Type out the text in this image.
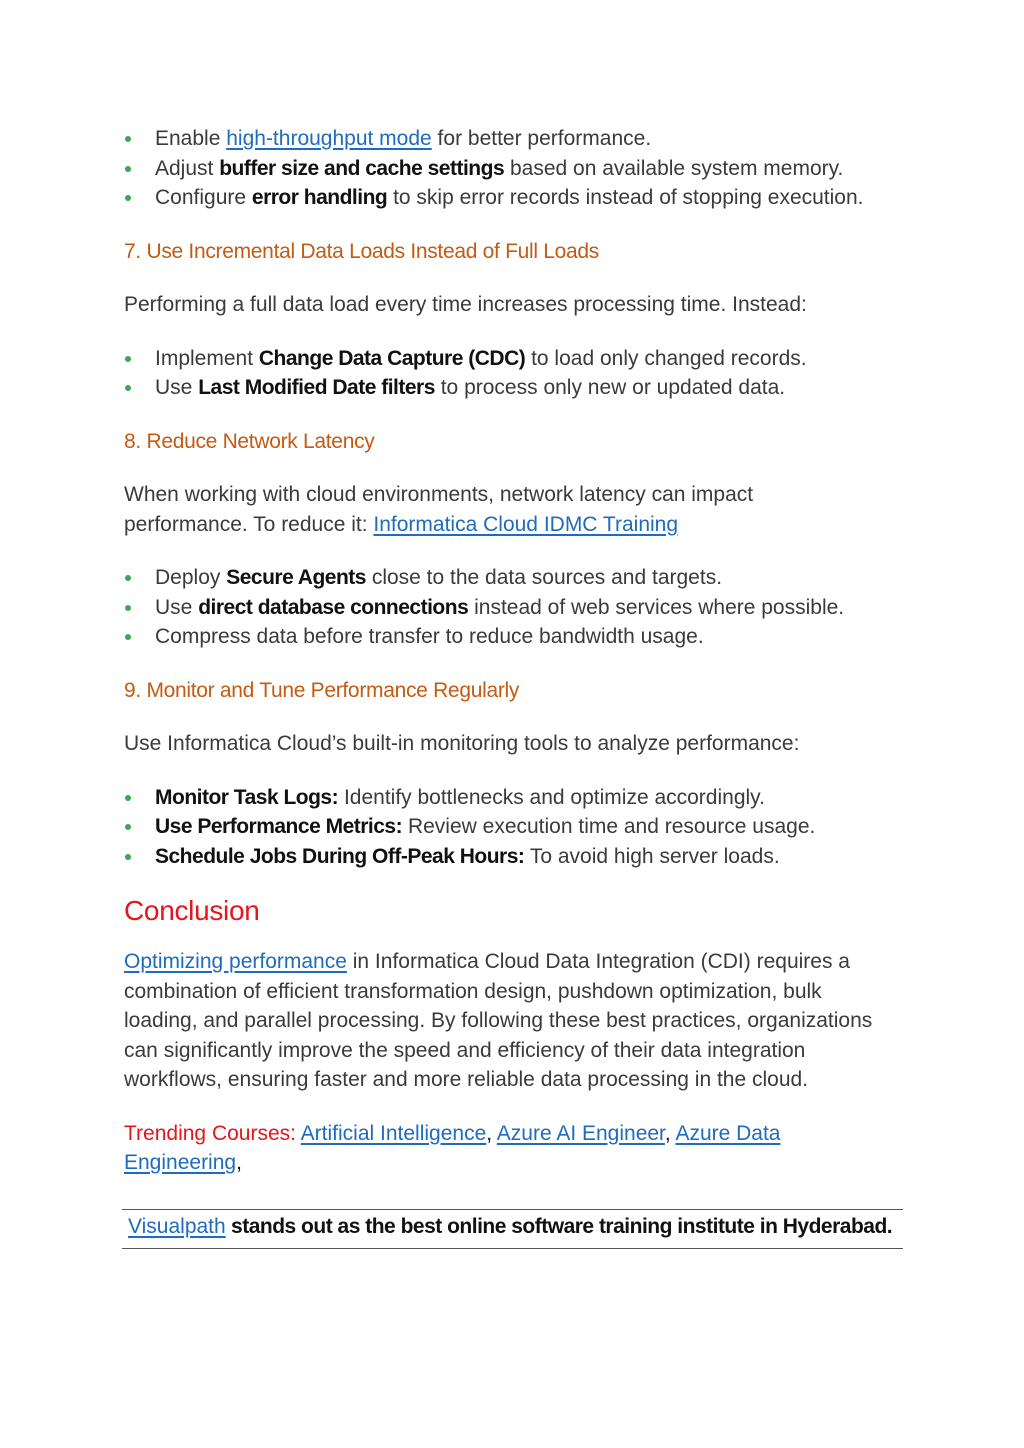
Enable high-throughput mode for better performance.
Adjust buffer size and cache settings based on available system memory.
Configure error handling to skip error records instead of stopping execution.
7. Use Incremental Data Loads Instead of Full Loads
Performing a full data load every time increases processing time. Instead:
Implement Change Data Capture (CDC) to load only changed records.
Use Last Modified Date filters to process only new or updated data.
8. Reduce Network Latency
When working with cloud environments, network latency can impact
performance. To reduce it: Informatica Cloud IDMC Training
Deploy Secure Agents close to the data sources and targets.
Use direct database connections instead of web services where possible.
Compress data before transfer to reduce bandwidth usage.
9. Monitor and Tune Performance Regularly
Use Informatica Cloud’s built-in monitoring tools to analyze performance:
Monitor Task Logs: Identify bottlenecks and optimize accordingly.
Use Performance Metrics: Review execution time and resource usage.
Schedule Jobs During Off-Peak Hours: To avoid high server loads.
Conclusion
Optimizing performance in Informatica Cloud Data Integration (CDI) requires a
combination of efficient transformation design, pushdown optimization, bulk
loading, and parallel processing. By following these best practices, organizations
can significantly improve the speed and efficiency of their data integration
workflows, ensuring faster and more reliable data processing in the cloud.
Trending Courses: Artificial Intelligence, Azure AI Engineer, Azure Data
Engineering,
Visualpath stands out as the best online software training institute in Hyderabad.
